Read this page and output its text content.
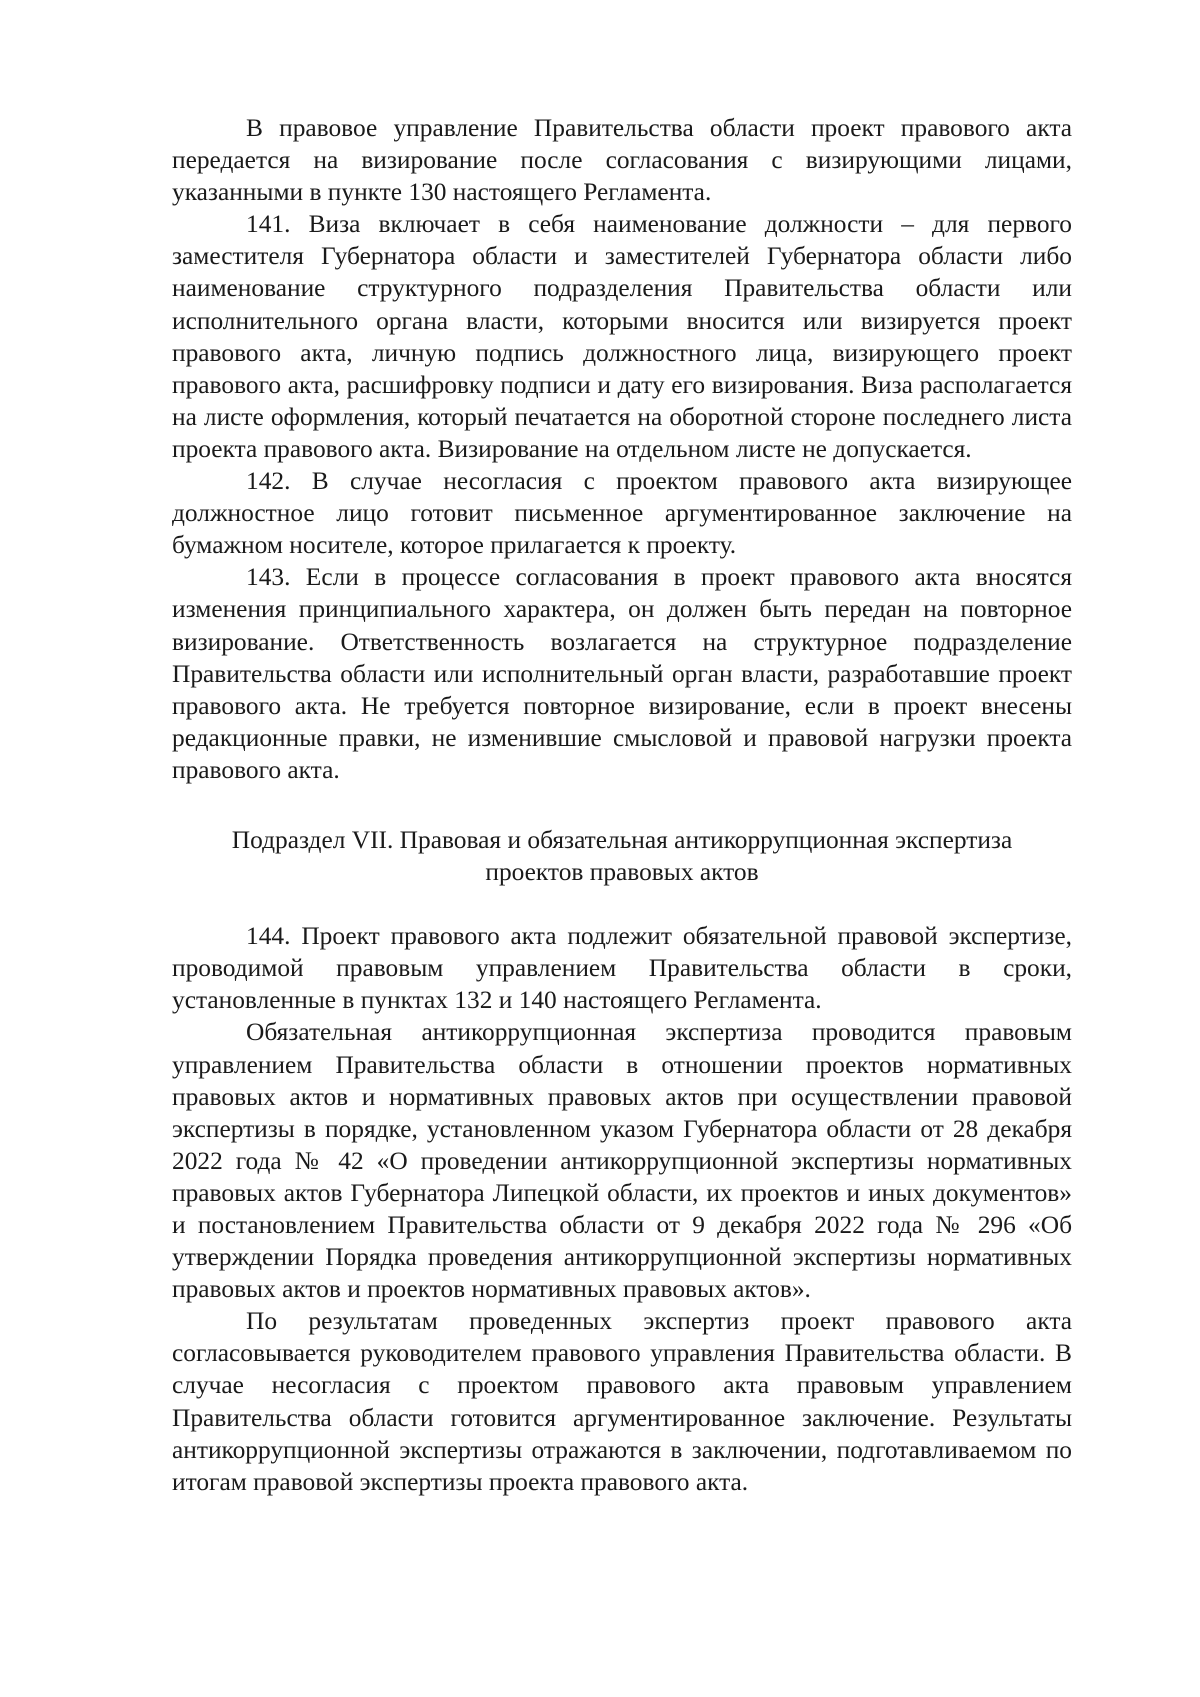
В правовое управление Правительства области проект правового акта передается на визирование после согласования с визирующими лицами, указанными в пункте 130 настоящего Регламента.

141. Виза включает в себя наименование должности – для первого заместителя Губернатора области и заместителей Губернатора области либо наименование структурного подразделения Правительства области или исполнительного органа власти, которыми вносится или визируется проект правового акта, личную подпись должностного лица, визирующего проект правового акта, расшифровку подписи и дату его визирования. Виза располагается на листе оформления, который печатается на оборотной стороне последнего листа проекта правового акта. Визирование на отдельном листе не допускается.

142. В случае несогласия с проектом правового акта визирующее должностное лицо готовит письменное аргументированное заключение на бумажном носителе, которое прилагается к проекту.

143. Если в процессе согласования в проект правового акта вносятся изменения принципиального характера, он должен быть передан на повторное визирование. Ответственность возлагается на структурное подразделение Правительства области или исполнительный орган власти, разработавшие проект правового акта. Не требуется повторное визирование, если в проект внесены редакционные правки, не изменившие смысловой и правовой нагрузки проекта правового акта.

Подраздел VII. Правовая и обязательная антикоррупционная экспертиза

проектов правовых актов

144. Проект правового акта подлежит обязательной правовой экспертизе, проводимой правовым управлением Правительства области в сроки, установленные в пунктах 132 и 140 настоящего Регламента.

Обязательная антикоррупционная экспертиза проводится правовым управлением Правительства области в отношении проектов нормативных правовых актов и нормативных правовых актов при осуществлении правовой экспертизы в порядке, установленном указом Губернатора области от 28 декабря 2022 года № 42 «О проведении антикоррупционной экспертизы нормативных правовых актов Губернатора Липецкой области, их проектов и иных документов» и постановлением Правительства области от 9 декабря 2022 года № 296 «Об утверждении Порядка проведения антикоррупционной экспертизы нормативных правовых актов и проектов нормативных правовых актов».

По результатам проведенных экспертиз проект правового акта согласовывается руководителем правового управления Правительства области. В случае несогласия с проектом правового акта правовым управлением Правительства области готовится аргументированное заключение. Результаты антикоррупционной экспертизы отражаются в заключении, подготавливаемом по итогам правовой экспертизы проекта правового акта.
